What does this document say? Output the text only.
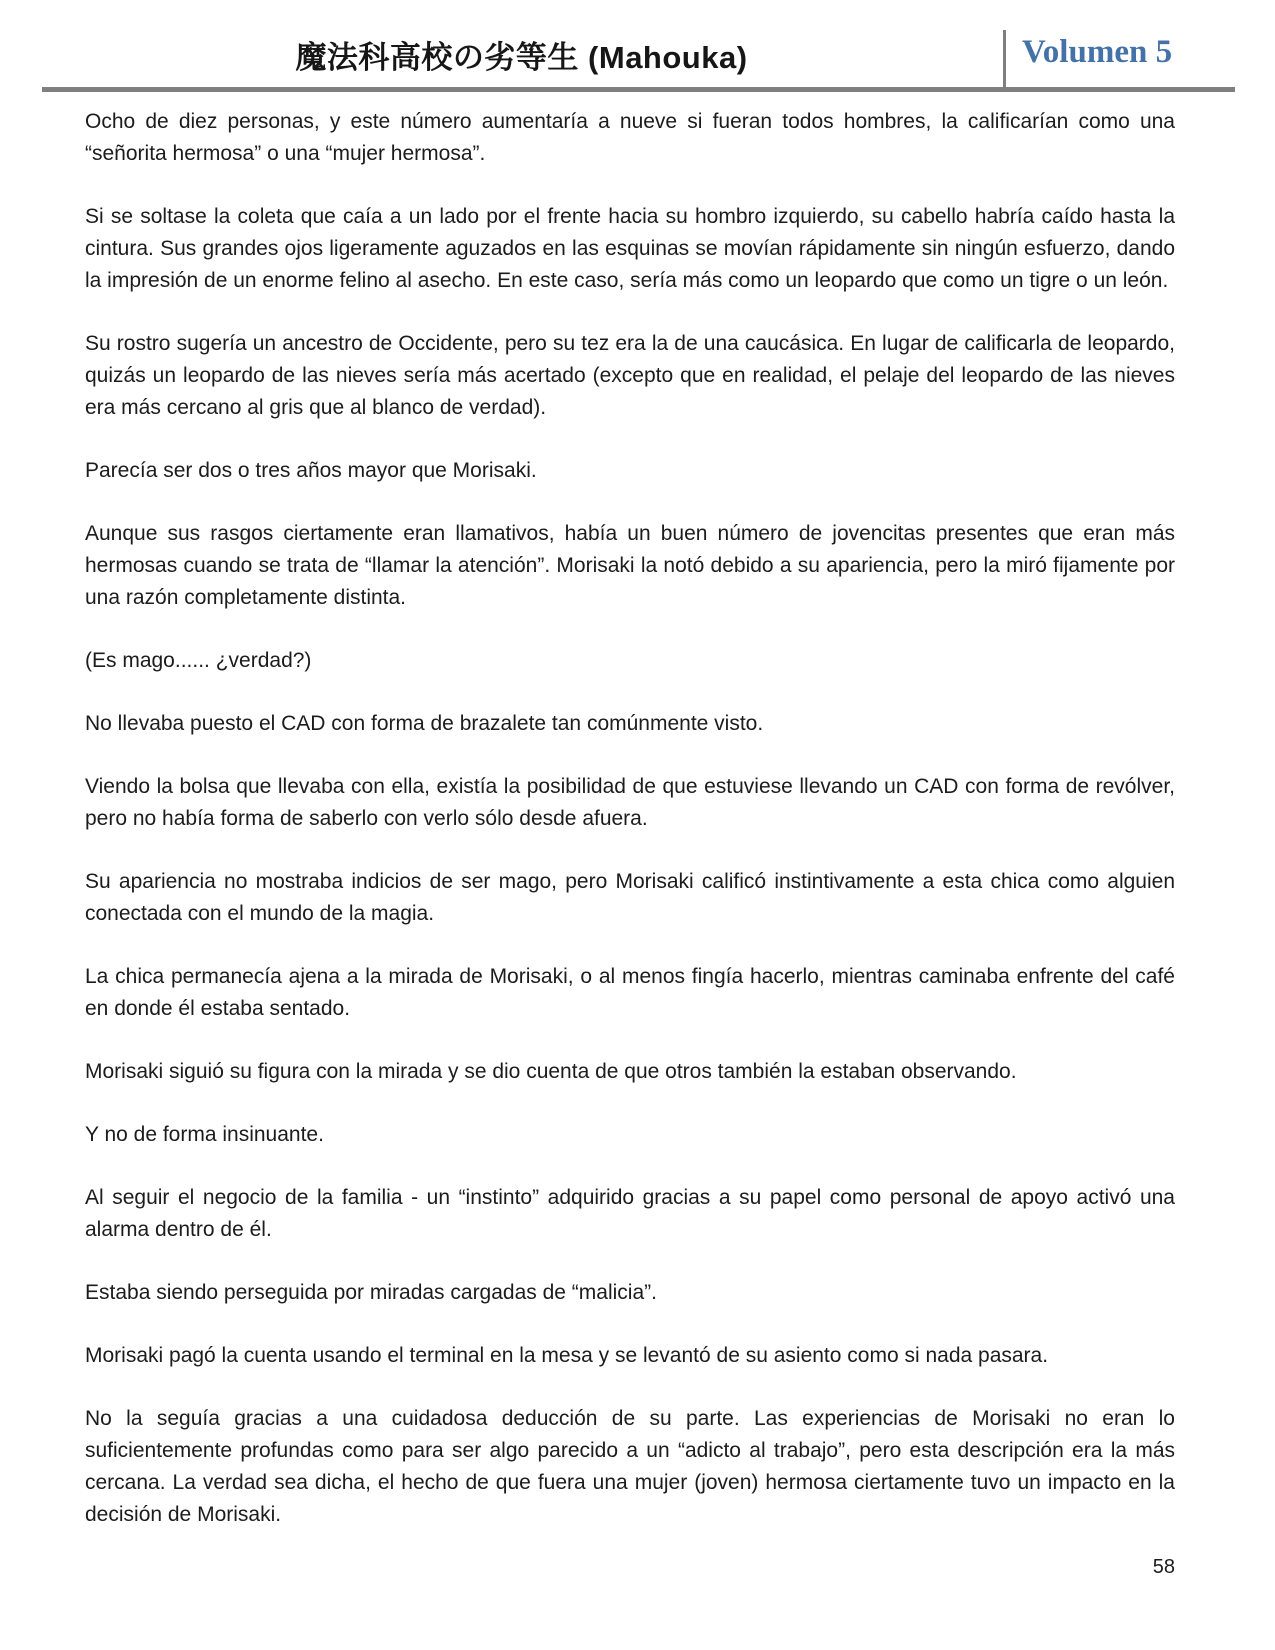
魔法科高校の劣等生 (Mahouka)	Volumen 5

Ocho de diez personas, y este número aumentaría a nueve si fueran todos hombres, la calificarían como una “señorita hermosa” o una “mujer hermosa”.

Si se soltase la coleta que caía a un lado por el frente hacia su hombro izquierdo, su cabello habría caído hasta la cintura. Sus grandes ojos ligeramente aguzados en las esquinas se movían rápidamente sin ningún esfuerzo, dando la impresión de un enorme felino al asecho. En este caso, sería más como un leopardo que como un tigre o un león.

Su rostro sugería un ancestro de Occidente, pero su tez era la de una caucásica. En lugar de calificarla de leopardo, quizás un leopardo de las nieves sería más acertado (excepto que en realidad, el pelaje del leopardo de las nieves era más cercano al gris que al blanco de verdad).

Parecía ser dos o tres años mayor que Morisaki.

Aunque sus rasgos ciertamente eran llamativos, había un buen número de jovencitas presentes que eran más hermosas cuando se trata de “llamar la atención”. Morisaki la notó debido a su apariencia, pero la miró fijamente por una razón completamente distinta.

(Es mago...... ¿verdad?)

No llevaba puesto el CAD con forma de brazalete tan comúnmente visto.

Viendo la bolsa que llevaba con ella, existía la posibilidad de que estuviese llevando un CAD con forma de revólver, pero no había forma de saberlo con verlo sólo desde afuera.

Su apariencia no mostraba indicios de ser mago, pero Morisaki calificó instintivamente a esta chica como alguien conectada con el mundo de la magia.

La chica permanecía ajena a la mirada de Morisaki, o al menos fingía hacerlo, mientras caminaba enfrente del café en donde él estaba sentado.

Morisaki siguió su figura con la mirada y se dio cuenta de que otros también la estaban observando.

Y no de forma insinuante.

Al seguir el negocio de la familia - un “instinto” adquirido gracias a su papel como personal de apoyo activó una alarma dentro de él.

Estaba siendo perseguida por miradas cargadas de “malicia”.

Morisaki pagó la cuenta usando el terminal en la mesa y se levantó de su asiento como si nada pasara.

No la seguía gracias a una cuidadosa deducción de su parte. Las experiencias de Morisaki no eran lo suficientemente profundas como para ser algo parecido a un “adicto al trabajo”, pero esta descripción era la más cercana. La verdad sea dicha, el hecho de que fuera una mujer (joven) hermosa ciertamente tuvo un impacto en la decisión de Morisaki.

58
